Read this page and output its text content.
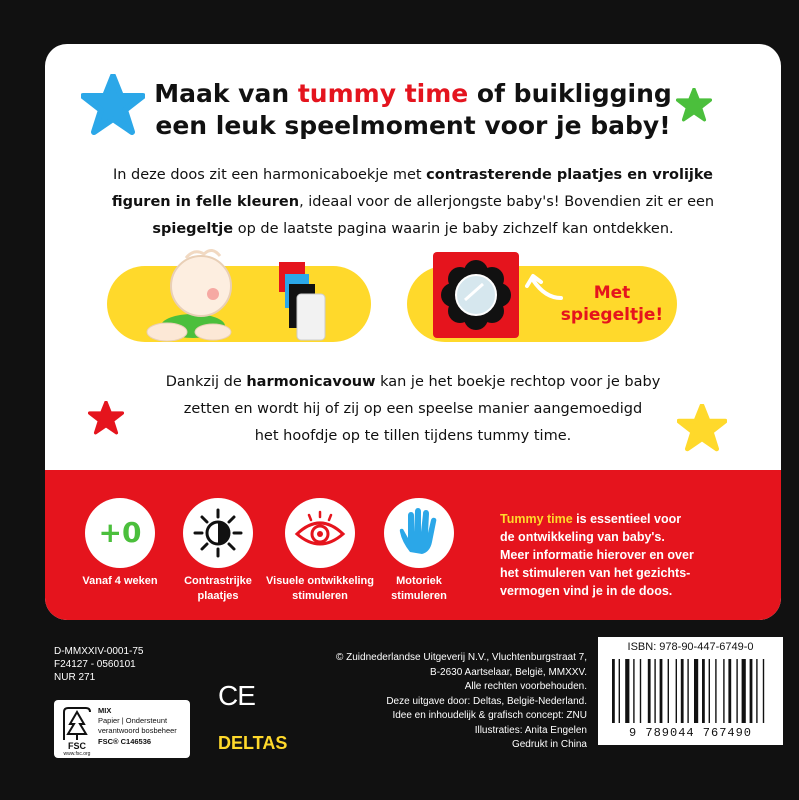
Maak van tummy time of buikligging
een leuk speelmoment voor je baby!
In deze doos zit een harmonicaboekje met contrasterende plaatjes en vrolijke
figuren in felle kleuren, ideaal voor de allerjongste baby's! Bovendien zit er een
spiegeltje op de laatste pagina waarin je baby zichzelf kan ontdekken.
Met
spiegeltje!
Dankzij de harmonicavouw kan je het boekje rechtop voor je baby
zetten en wordt hij of zij op een speelse manier aangemoedigd
het hoofdje op te tillen tijdens tummy time.
+0
Vanaf 4 weken	Contrastrijke
plaatjes
Visuele ontwikkeling
stimuleren
Motoriek
stimuleren
Tummy time is essentieel voor
de ontwikkeling van baby's.
Meer informatie hierover en over
het stimuleren van het gezichts-
vermogen vind je in de doos.
D-MMXXIV-0001-75
F24127 - 0560101
NUR 271
FSC
www.fsc.org
MIX
Papier | Ondersteunt
verantwoord bosbeheer
FSC® C146536
CE
DELTAS
© Zuidnederlandse Uitgeverij N.V., Vluchtenburgstraat 7,
B-2630 Aartselaar, België, MMXXV.
Alle rechten voorbehouden.
Deze uitgave door: Deltas, België-Nederland.
Idee en inhoudelijk & grafisch concept: ZNU
Illustraties: Anita Engelen
Gedrukt in China
ISBN: 978-90-447-6749-0
9 789044 767490
